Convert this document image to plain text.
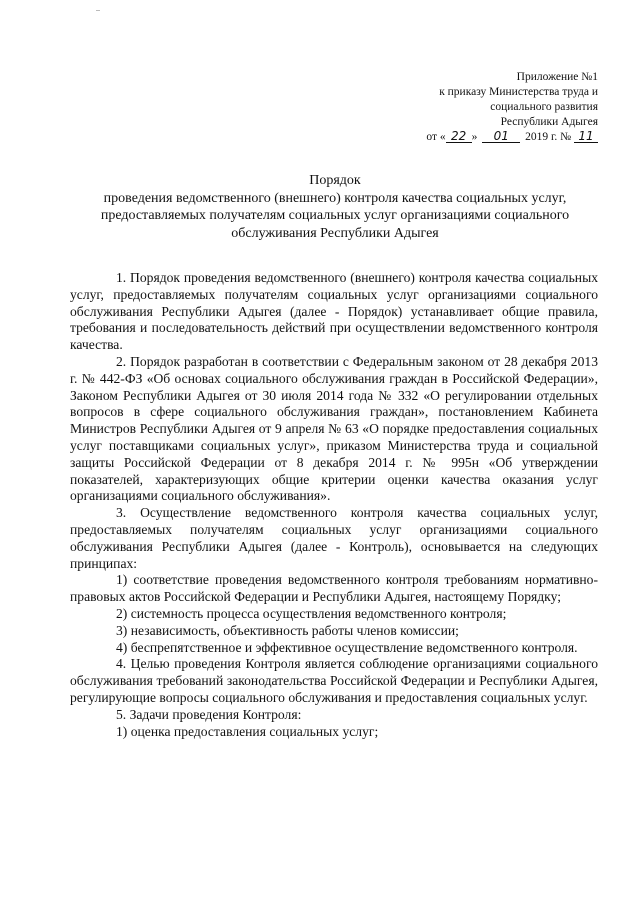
Приложение №1
к приказу Министерства труда и
социального развития
Республики Адыгея
от « 22 » 01 2019 г. № 11
Порядок
проведения ведомственного (внешнего) контроля качества социальных услуг, предоставляемых получателям социальных услуг организациями социального обслуживания Республики Адыгея

1. Порядок проведения ведомственного (внешнего) контроля качества социальных услуг, предоставляемых получателям социальных услуг организациями социального обслуживания Республики Адыгея (далее - Порядок) устанавливает общие правила, требования и последовательность действий при осуществлении ведомственного контроля качества.

2. Порядок разработан в соответствии с Федеральным законом от 28 декабря 2013 г. № 442-ФЗ «Об основах социального обслуживания граждан в Российской Федерации», Законом Республики Адыгея от 30 июля 2014 года № 332 «О регулировании отдельных вопросов в сфере социального обслуживания граждан», постановлением Кабинета Министров Республики Адыгея от 9 апреля № 63 «О порядке предоставления социальных услуг поставщиками социальных услуг», приказом Министерства труда и социальной защиты Российской Федерации от 8 декабря 2014 г. № 995н «Об утверждении показателей, характеризующих общие критерии оценки качества оказания услуг организациями социального обслуживания».

3. Осуществление ведомственного контроля качества социальных услуг, предоставляемых получателям социальных услуг организациями социального обслуживания Республики Адыгея (далее - Контроль), основывается на следующих принципах:

1) соответствие проведения ведомственного контроля требованиям нормативно-правовых актов Российской Федерации и Республики Адыгея, настоящему Порядку;

2) системность процесса осуществления ведомственного контроля;

3) независимость, объективность работы членов комиссии;

4) беспрепятственное и эффективное осуществление ведомственного контроля.

4. Целью проведения Контроля является соблюдение организациями социального обслуживания требований законодательства Российской Федерации и Республики Адыгея, регулирующие вопросы социального обслуживания и предоставления социальных услуг.

5. Задачи проведения Контроля:

1) оценка предоставления социальных услуг;
